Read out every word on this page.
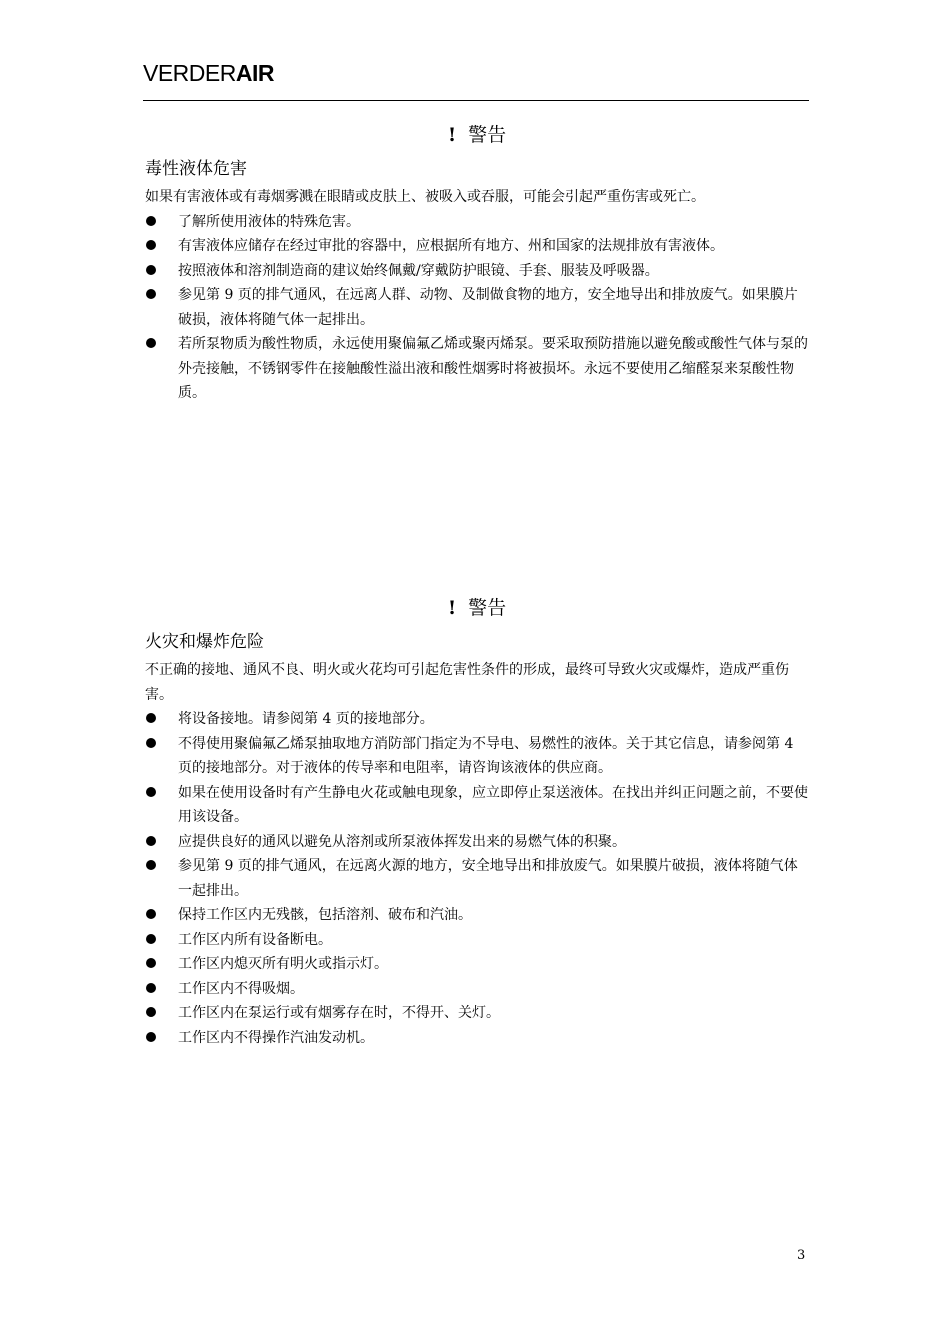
VERDERAIR
! 警告
毒性液体危害
如果有害液体或有毒烟雾溅在眼睛或皮肤上、被吸入或吞服，可能会引起严重伤害或死亡。
了解所使用液体的特殊危害。
有害液体应储存在经过审批的容器中，应根据所有地方、州和国家的法规排放有害液体。
按照液体和溶剂制造商的建议始终佩戴/穿戴防护眼镜、手套、服装及呼吸器。
参见第 9 页的排气通风，在远离人群、动物、及制做食物的地方，安全地导出和排放废气。如果膜片破损，液体将随气体一起排出。
若所泵物质为酸性物质，永远使用聚偏氟乙烯或聚丙烯泵。要采取预防措施以避免酸或酸性气体与泵的外壳接触，不锈钢零件在接触酸性溢出液和酸性烟雾时将被损坏。永远不要使用乙缩醛泵来泵酸性物质。
! 警告
火灾和爆炸危险
不正确的接地、通风不良、明火或火花均可引起危害性条件的形成，最终可导致火灾或爆炸，造成严重伤害。
将设备接地。请参阅第 4 页的接地部分。
不得使用聚偏氟乙烯泵抽取地方消防部门指定为不导电、易燃性的液体。关于其它信息，请参阅第 4 页的接地部分。对于液体的传导率和电阻率，请咨询该液体的供应商。
如果在使用设备时有产生静电火花或触电现象，应立即停止泵送液体。在找出并纠正问题之前，不要使用该设备。
应提供良好的通风以避免从溶剂或所泵液体挥发出来的易燃气体的积聚。
参见第 9 页的排气通风，在远离火源的地方，安全地导出和排放废气。如果膜片破损，液体将随气体一起排出。
保持工作区内无残骸，包括溶剂、破布和汽油。
工作区内所有设备断电。
工作区内熄灭所有明火或指示灯。
工作区内不得吸烟。
工作区内在泵运行或有烟雾存在时，不得开、关灯。
工作区内不得操作汽油发动机。
3
